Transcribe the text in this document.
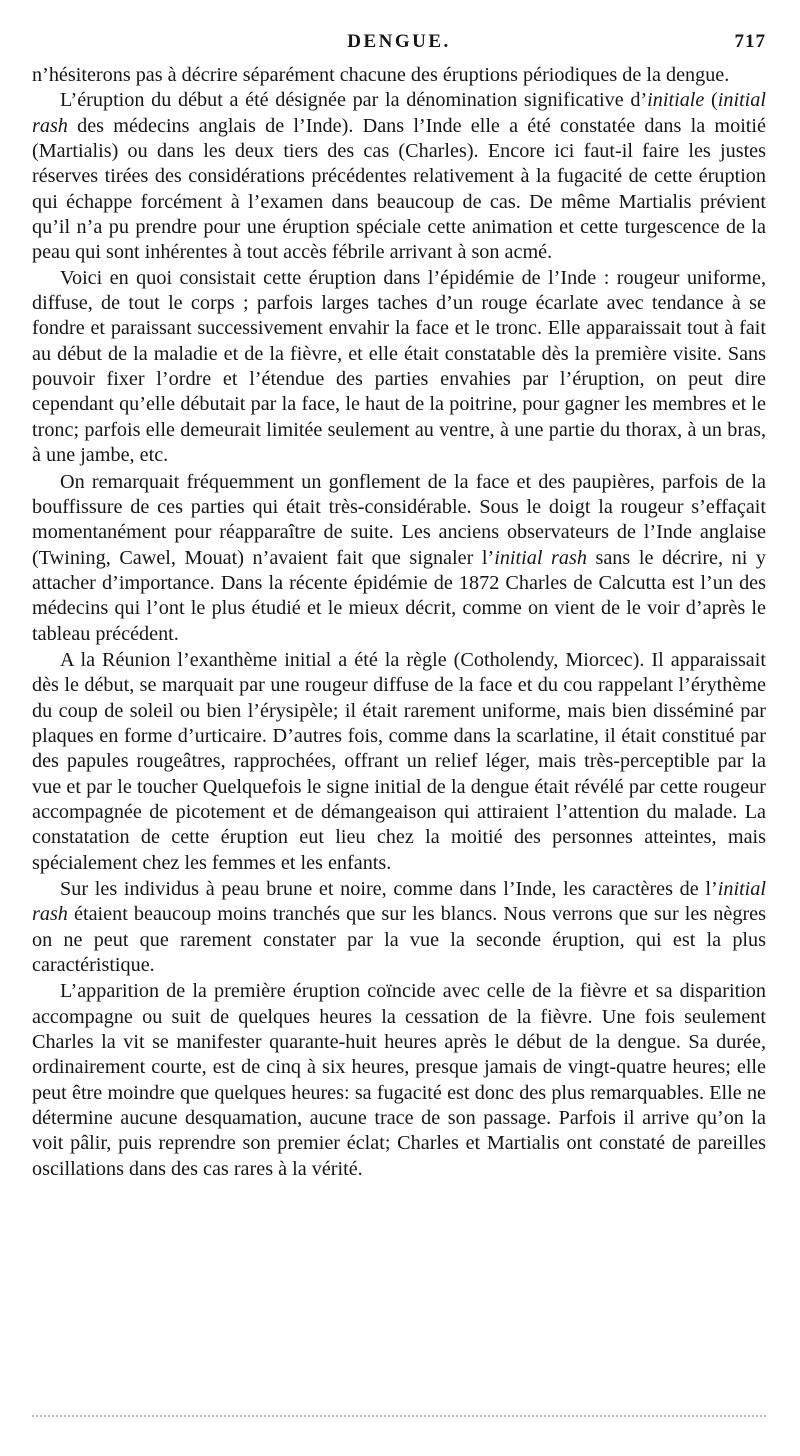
DENGUE.	717

n’hésiterons pas à décrire séparément chacune des éruptions périodiques de la dengue.

L’éruption du début a été désignée par la dénomination significative d’initiale (initial rash des médecins anglais de l’Inde). Dans l’Inde elle a été constatée dans la moitié (Martialis) ou dans les deux tiers des cas (Charles). Encore ici faut-il faire les justes réserves tirées des considérations précédentes relativement à la fugacité de cette éruption qui échappe forcément à l’examen dans beaucoup de cas. De même Martialis prévient qu’il n’a pu prendre pour une éruption spéciale cette animation et cette turgescence de la peau qui sont inhérentes à tout accès fébrile arrivant à son acmé.

Voici en quoi consistait cette éruption dans l’épidémie de l’Inde : rougeur uniforme, diffuse, de tout le corps ; parfois larges taches d’un rouge écarlate avec tendance à se fondre et paraissant successivement envahir la face et le tronc. Elle apparaissait tout à fait au début de la maladie et de la fièvre, et elle était constatable dès la première visite. Sans pouvoir fixer l’ordre et l’étendue des parties envahies par l’éruption, on peut dire cependant qu’elle débutait par la face, le haut de la poitrine, pour gagner les membres et le tronc; parfois elle demeurait limitée seulement au ventre, à une partie du thorax, à un bras, à une jambe, etc.

On remarquait fréquemment un gonflement de la face et des paupières, parfois de la bouffissure de ces parties qui était très-considérable. Sous le doigt la rougeur s’effaçait momentanément pour réapparaître de suite. Les anciens observateurs de l’Inde anglaise (Twining, Cawel, Mouat) n’avaient fait que signaler l’initial rash sans le décrire, ni y attacher d’importance. Dans la récente épidémie de 1872 Charles de Calcutta est l’un des médecins qui l’ont le plus étudié et le mieux décrit, comme on vient de le voir d’après le tableau précédent.

A la Réunion l’exanthème initial a été la règle (Cotholendy, Miorcec). Il apparaissait dès le début, se marquait par une rougeur diffuse de la face et du cou rappelant l’érythème du coup de soleil ou bien l’érysipèle; il était rarement uniforme, mais bien disséminé par plaques en forme d’urticaire. D’autres fois, comme dans la scarlatine, il était constitué par des papules rougeâtres, rapprochées, offrant un relief léger, mais très-perceptible par la vue et par le toucher Quelquefois le signe initial de la dengue était révélé par cette rougeur accompagnée de picotement et de démangeaison qui attiraient l’attention du malade. La constatation de cette éruption eut lieu chez la moitié des personnes atteintes, mais spécialement chez les femmes et les enfants.

Sur les individus à peau brune et noire, comme dans l’Inde, les caractères de l’initial rash étaient beaucoup moins tranchés que sur les blancs. Nous verrons que sur les nègres on ne peut que rarement constater par la vue la seconde éruption, qui est la plus caractéristique.

L’apparition de la première éruption coïncide avec celle de la fièvre et sa disparition accompagne ou suit de quelques heures la cessation de la fièvre. Une fois seulement Charles la vit se manifester quarante-huit heures après le début de la dengue. Sa durée, ordinairement courte, est de cinq à six heures, presque jamais de vingt-quatre heures; elle peut être moindre que quelques heures: sa fugacité est donc des plus remarquables. Elle ne détermine aucune desquamation, aucune trace de son passage. Parfois il arrive qu’on la voit pâlir, puis reprendre son premier éclat; Charles et Martialis ont constaté de pareilles oscillations dans des cas rares à la vérité.
